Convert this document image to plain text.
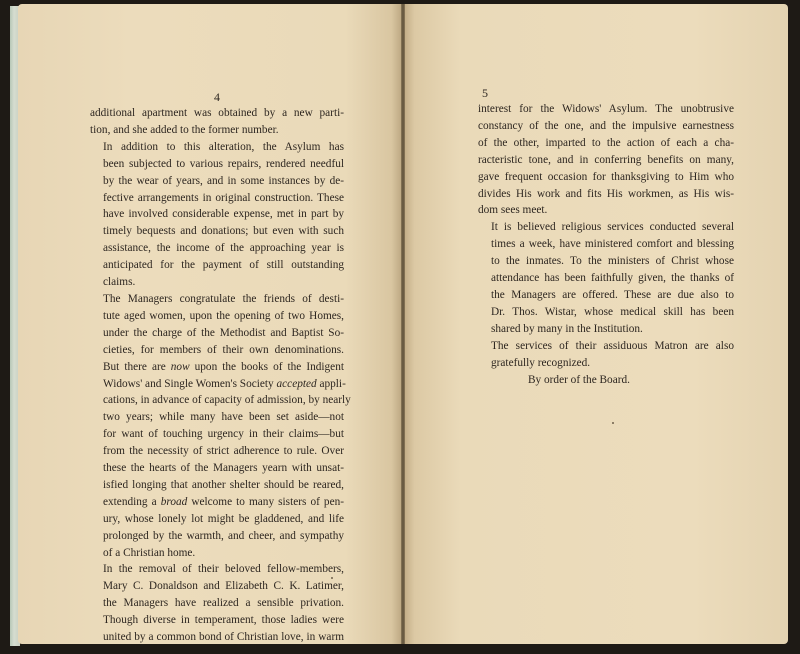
4

additional apartment was obtained by a new parti-
tion, and she added to the former number.

In addition to this alteration, the Asylum has
been subjected to various repairs, rendered needful
by the wear of years, and in some instances by de-
fective arrangements in original construction. These
have involved considerable expense, met in part by
timely bequests and donations; but even with such
assistance, the income of the approaching year is
anticipated for the payment of still outstanding
claims.

The Managers congratulate the friends of desti-
tute aged women, upon the opening of two Homes,
under the charge of the Methodist and Baptist So-
cieties, for members of their own denominations.
But there are now upon the books of the Indigent
Widows' and Single Women's Society accepted appli-
cations, in advance of capacity of admission, by nearly
two years; while many have been set aside—not
for want of touching urgency in their claims—but
from the necessity of strict adherence to rule. Over
these the hearts of the Managers yearn with unsat-
isfied longing that another shelter should be reared,
extending a broad welcome to many sisters of pen-
ury, whose lonely lot might be gladdened, and life
prolonged by the warmth, and cheer, and sympathy
of a Christian home.

In the removal of their beloved fellow-members,
Mary C. Donaldson and Elizabeth C. K. Latimer,
the Managers have realized a sensible privation.
Though diverse in temperament, those ladies were
united by a common bond of Christian love, in warm

5

interest for the Widows' Asylum. The unobtrusive
constancy of the one, and the impulsive earnestness
of the other, imparted to the action of each a cha-
racteristic tone, and in conferring benefits on many,
gave frequent occasion for thanksgiving to Him who
divides His work and fits His workmen, as His wis-
dom sees meet.

It is believed religious services conducted several
times a week, have ministered comfort and blessing
to the inmates. To the ministers of Christ whose
attendance has been faithfully given, the thanks of
the Managers are offered. These are due also to
Dr. Thos. Wistar, whose medical skill has been
shared by many in the Institution.

The services of their assiduous Matron are also
gratefully recognized.

By order of the Board.
